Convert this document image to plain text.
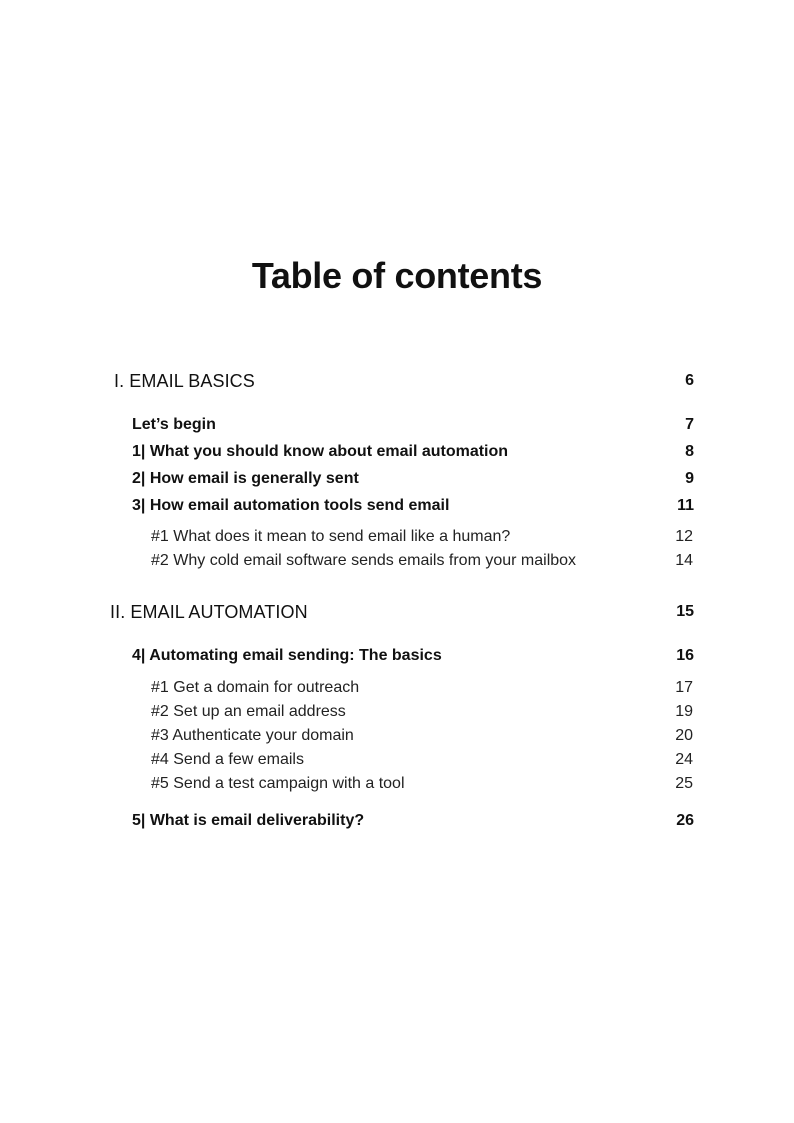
Table of contents
I. EMAIL BASICS	6
Let’s begin	7
1| What you should know about email automation	8
2| How email is generally sent	9
3| How email automation tools send email	11
#1 What does it mean to send email like a human?	12
#2 Why cold email software sends emails from your mailbox	14
II. EMAIL AUTOMATION	15
4| Automating email sending: The basics	16
#1 Get a domain for outreach	17
#2 Set up an email address	19
#3 Authenticate your domain	20
#4 Send a few emails	24
#5 Send a test campaign with a tool	25
5| What is email deliverability?	26
